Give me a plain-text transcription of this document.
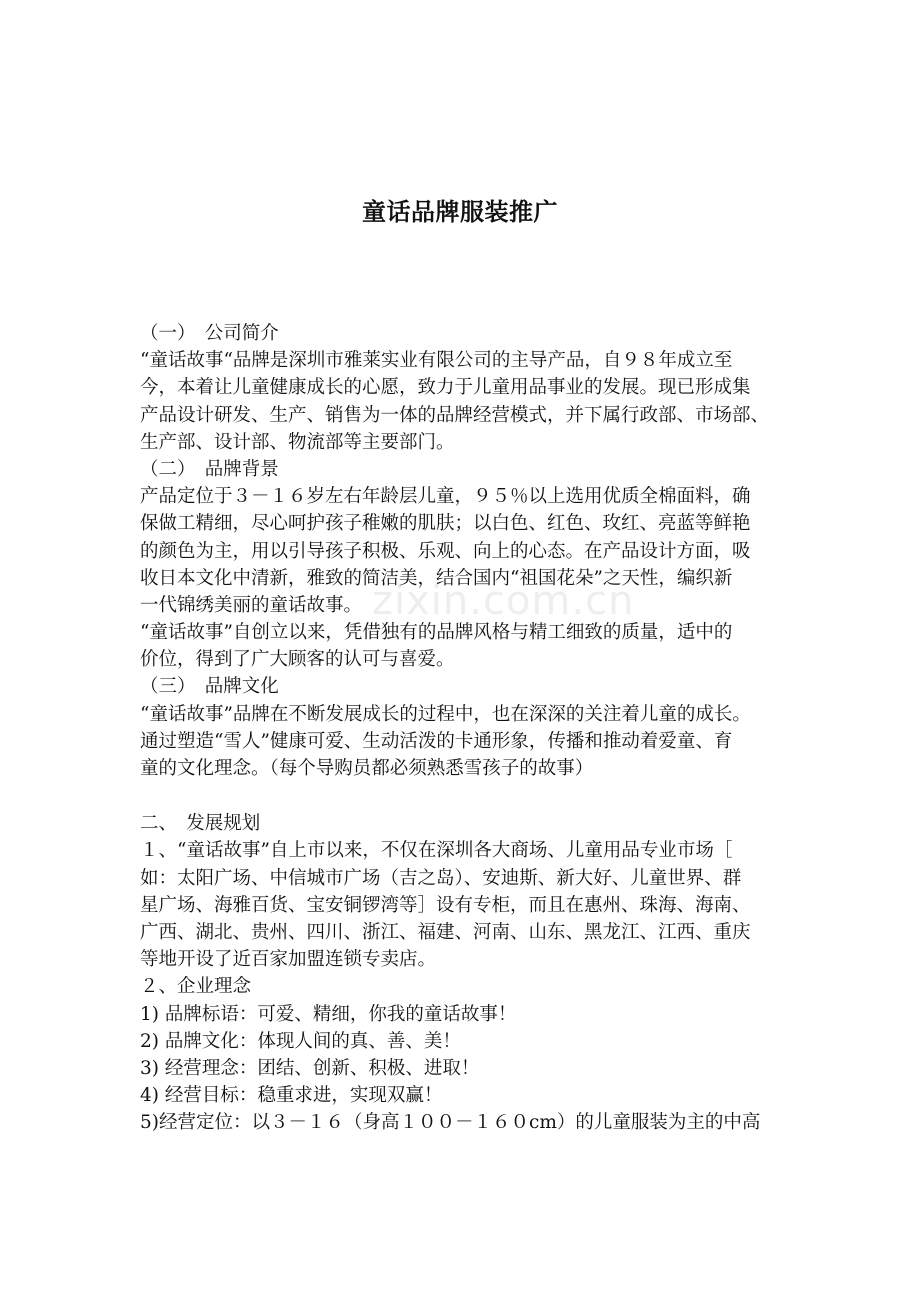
童话品牌服装推广
zixin.com.cn
（一）　公司简介
“童话故事“品牌是深圳市雅莱实业有限公司的主导产品，自９８年成立至
今，本着让儿童健康成长的心愿，致力于儿童用品事业的发展。现已形成集
产品设计研发、生产、销售为一体的品牌经营模式，并下属行政部、市场部、
生产部、设计部、物流部等主要部门。
（二）　品牌背景
产品定位于３－１６岁左右年龄层儿童，９５％以上选用优质全棉面料，确
保做工精细，尽心呵护孩子稚嫩的肌肤；以白色、红色、玫红、亮蓝等鲜艳
的颜色为主，用以引导孩子积极、乐观、向上的心态。在产品设计方面，吸
收日本文化中清新，雅致的简洁美，结合国内“祖国花朵”之天性，编织新
一代锦绣美丽的童话故事。
“童话故事”自创立以来，凭借独有的品牌风格与精工细致的质量，适中的
价位，得到了广大顾客的认可与喜爱。
（三）　品牌文化
“童话故事”品牌在不断发展成长的过程中，也在深深的关注着儿童的成长。
通过塑造“雪人”健康可爱、生动活泼的卡通形象，传播和推动着爱童、育
童的文化理念。（每个导购员都必须熟悉雪孩子的故事）
二、　发展规划
１、“童话故事”自上市以来，不仅在深圳各大商场、儿童用品专业市场［
如：太阳广场、中信城市广场（吉之岛）、安迪斯、新大好、儿童世界、群
星广场、海雅百货、宝安铜锣湾等］设有专柜，而且在惠州、珠海、海南、
广西、湖北、贵州、四川、浙江、福建、河南、山东、黑龙江、江西、重庆
等地开设了近百家加盟连锁专卖店。
２、企业理念
1) 品牌标语：可爱、精细，你我的童话故事！
2) 品牌文化：体现人间的真、善、美！
3) 经营理念：团结、创新、积极、进取！
4) 经营目标：稳重求进，实现双赢！
5)经营定位：以３－１６（身高１００－１６０cm）的儿童服装为主的中高
